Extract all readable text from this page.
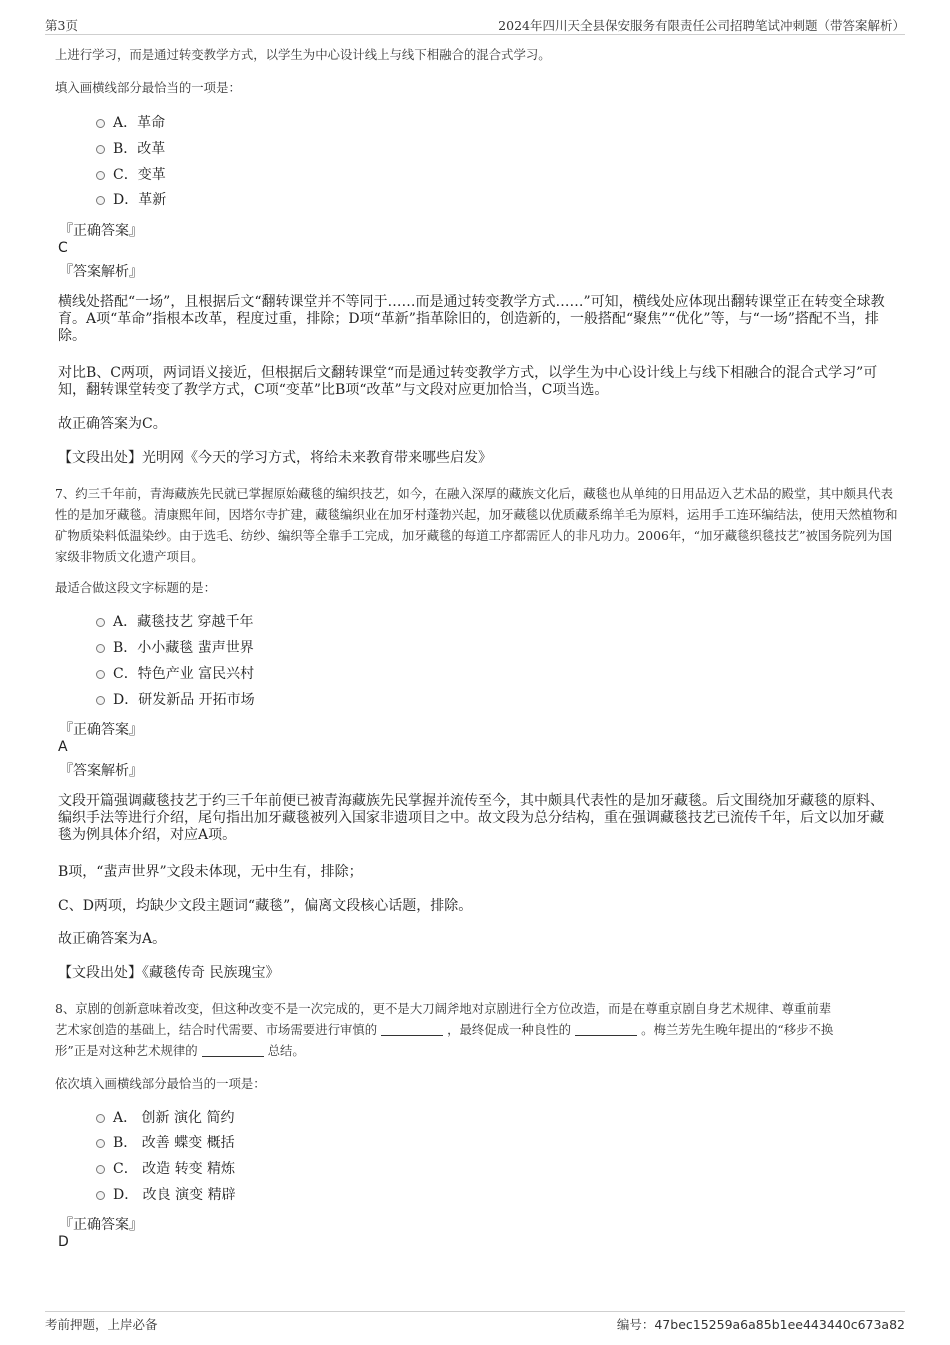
第3页	2024年四川天全县保安服务有限责任公司招聘笔试冲刺题（带答案解析）
上进行学习，而是通过转变教学方式，以学生为中心设计线上与线下相融合的混合式学习。
填入画横线部分最恰当的一项是：
A．革命
B．改革
C．变革
D．革新
『正确答案』
C
『答案解析』
横线处搭配“一场”，且根据后文“翻转课堂并不等同于……而是通过转变教学方式……”可知，横线处应体现出翻转课堂正在转变全球教育。A项“革命”指根本改革，程度过重，排除；D项“革新”指革除旧的，创造新的，一般搭配“聚焦”“优化”等，与“一场”搭配不当，排除。
对比B、C两项，两词语义接近，但根据后文翻转课堂“而是通过转变教学方式，以学生为中心设计线上与线下相融合的混合式学习”可知，翻转课堂转变了教学方式，C项“变革”比B项“改革”与文段对应更加恰当，C项当选。
故正确答案为C。
【文段出处】光明网《今天的学习方式，将给未来教育带来哪些启发》
7、约三千年前，青海藏族先民就已掌握原始藏毯的编织技艺，如今，在融入深厚的藏族文化后，藏毯也从单纯的日用品迈入艺术品的殿堂，其中颇具代表性的是加牙藏毯。清康熙年间，因塔尔寺扩建，藏毯编织业在加牙村蓬勃兴起，加牙藏毯以优质藏系绵羊毛为原料，运用手工连环编结法，使用天然植物和矿物质染料低温染纱。由于选毛、纺纱、编织等全靠手工完成，加牙藏毯的每道工序都需匠人的非凡功力。2006年，“加牙藏毯织毯技艺”被国务院列为国家级非物质文化遗产项目。
最适合做这段文字标题的是：
A．藏毯技艺 穿越千年
B．小小藏毯 蜚声世界
C．特色产业 富民兴村
D．研发新品 开拓市场
『正确答案』
A
『答案解析』
文段开篇强调藏毯技艺于约三千年前便已被青海藏族先民掌握并流传至今，其中颇具代表性的是加牙藏毯。后文围绕加牙藏毯的原料、编织手法等进行介绍，尾句指出加牙藏毯被列入国家非遗项目之中。故文段为总分结构，重在强调藏毯技艺已流传千年，后文以加牙藏毯为例具体介绍，对应A项。
B项，“蜚声世界”文段未体现，无中生有，排除；
C、D两项，均缺少文段主题词“藏毯”，偏离文段核心话题，排除。
故正确答案为A。
【文段出处】《藏毯传奇 民族瑰宝》
8、京剧的创新意味着改变，但这种改变不是一次完成的，更不是大刀阔斧地对京剧进行全方位改造，而是在尊重京剧自身艺术规律、尊重前辈
艺术家创造的基础上，结合时代需要、市场需要进行审慎的	，最终促成一种良性的	。梅兰芳先生晚年提出的“移步不换
形”正是对这种艺术规律的	总结。
依次填入画横线部分最恰当的一项是：
A． 创新 演化 简约
B． 改善 蝶变 概括
C． 改造 转变 精炼
D． 改良 演变 精辟
『正确答案』
D
考前押题，上岸必备	编号：47bec15259a6a85b1ee443440c673a82
